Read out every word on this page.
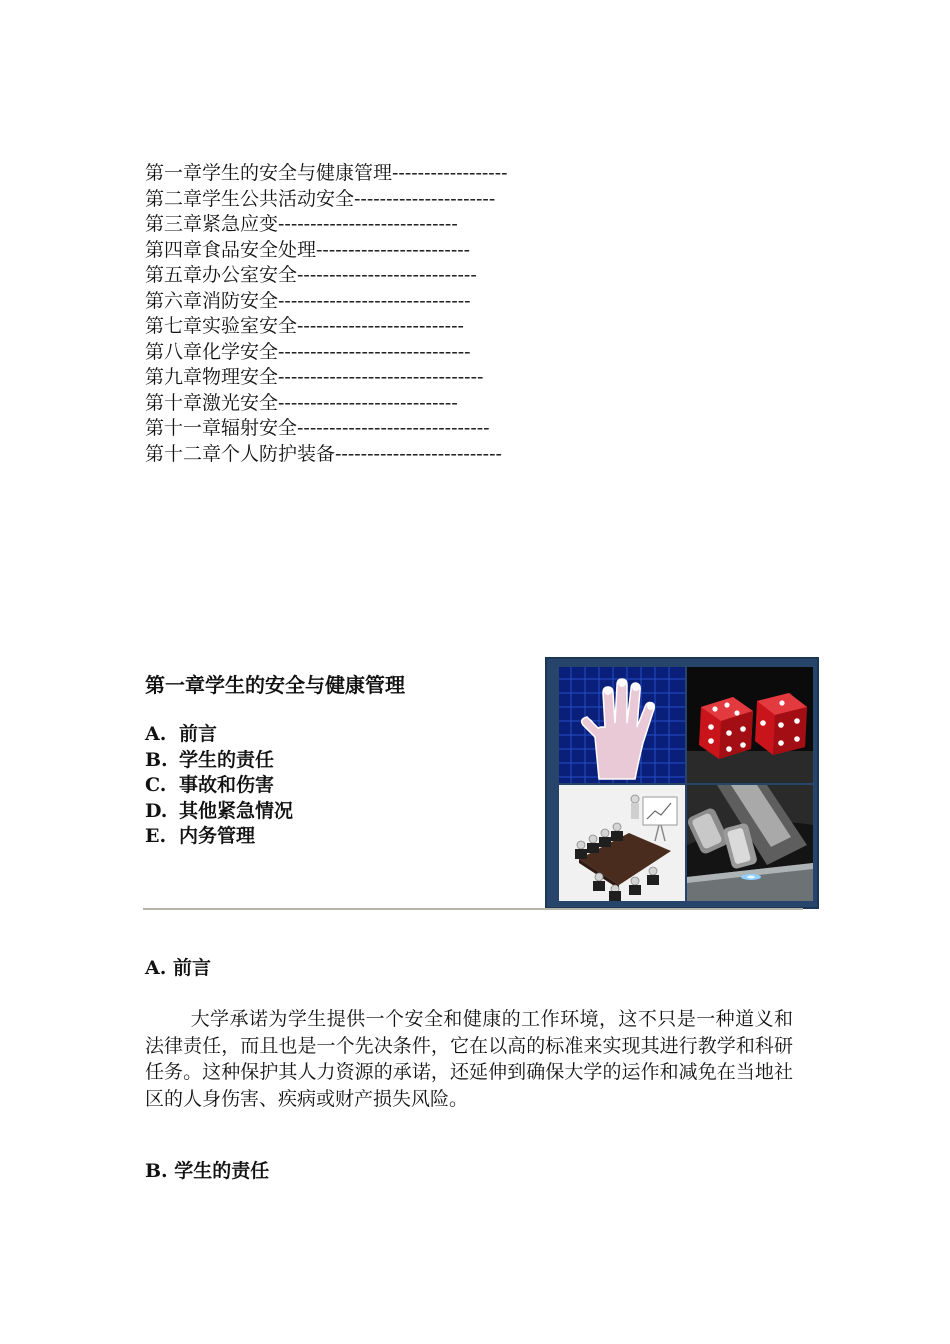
第一章学生的安全与健康管理------------------
第二章学生公共活动安全----------------------
第三章紧急应变----------------------------
第四章食品安全处理------------------------
第五章办公室安全----------------------------
第六章消防安全------------------------------
第七章实验室安全--------------------------
第八章化学安全------------------------------
第九章物理安全--------------------------------
第十章激光安全----------------------------
第十一章辐射安全------------------------------
第十二章个人防护装备--------------------------
第一章学生的安全与健康管理
A. 前言
B. 学生的责任
C. 事故和伤害
D. 其他紧急情况
E. 内务管理
A. 前言

大学承诺为学生提供一个安全和健康的工作环境，这不只是一种道义和法律责任，而且也是一个先决条件，它在以高的标准来实现其进行教学和科研任务。这种保护其人力资源的承诺，还延伸到确保大学的运作和减免在当地社区的人身伤害、疾病或财产损失风险。

B. 学生的责任
